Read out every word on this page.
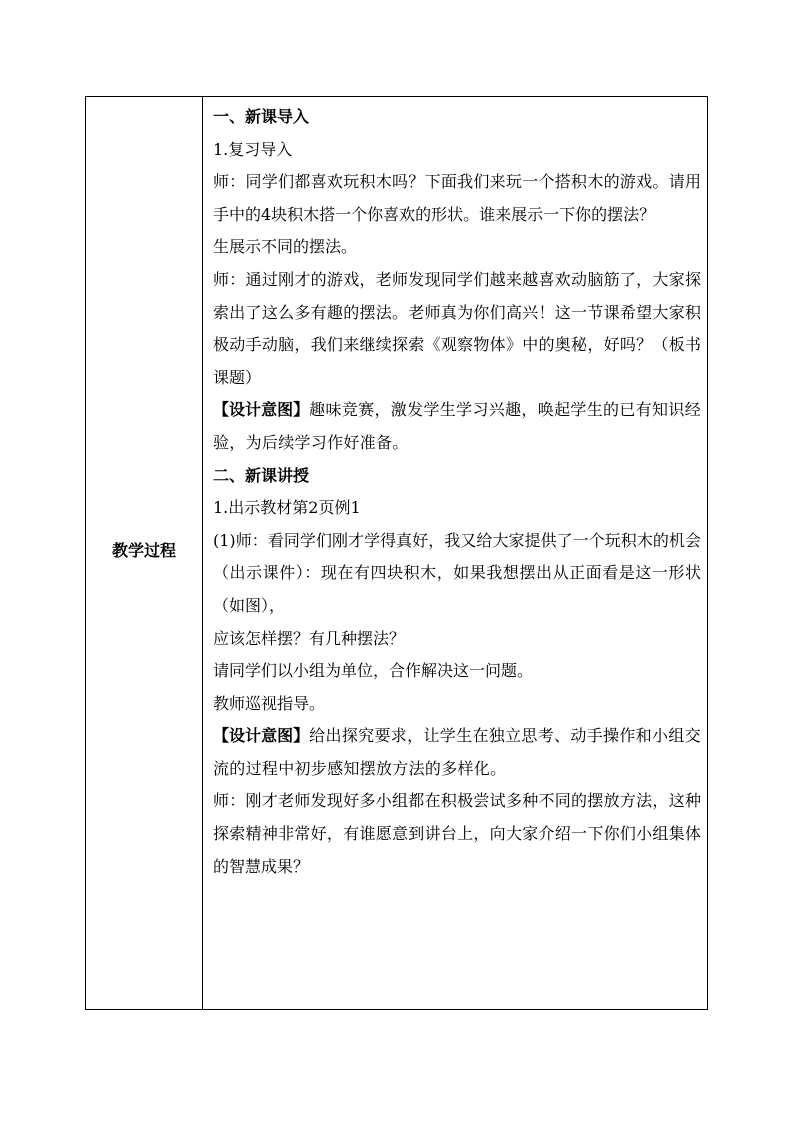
教学过程

一、新课导入

1.复习导入

师：同学们都喜欢玩积木吗？下面我们来玩一个搭积木的游戏。请用手中的4块积木搭一个你喜欢的形状。谁来展示一下你的摆法？

生展示不同的摆法。

师：通过刚才的游戏，老师发现同学们越来越喜欢动脑筋了，大家探索出了这么多有趣的摆法。老师真为你们高兴！这一节课希望大家积极动手动脑，我们来继续探索《观察物体》中的奥秘，好吗？（板书课题）

【设计意图】趣味竞赛，激发学生学习兴趣，唤起学生的已有知识经验，为后续学习作好准备。

二、新课讲授

1.出示教材第2页例1

(1)师：看同学们刚才学得真好，我又给大家提供了一个玩积木的机会（出示课件）：现在有四块积木，如果我想摆出从正面看是这一形状（如图），

应该怎样摆？有几种摆法？

请同学们以小组为单位，合作解决这一问题。

教师巡视指导。

【设计意图】给出探究要求，让学生在独立思考、动手操作和小组交流的过程中初步感知摆放方法的多样化。

师：刚才老师发现好多小组都在积极尝试多种不同的摆放方法，这种探索精神非常好，有谁愿意到讲台上，向大家介绍一下你们小组集体的智慧成果？
